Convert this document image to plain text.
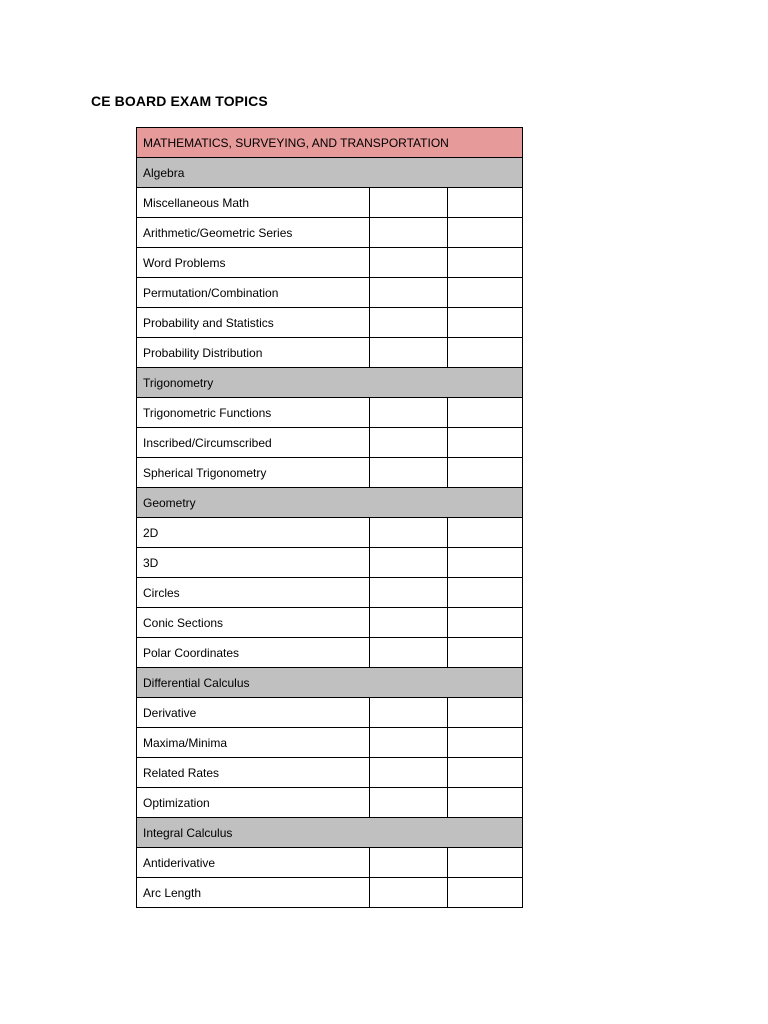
CE BOARD EXAM TOPICS
MATHEMATICS, SURVEYING, AND TRANSPORTATION		
Algebra		
Miscellaneous Math		
Arithmetic/Geometric Series		
Word Problems		
Permutation/Combination		
Probability and Statistics		
Probability Distribution		
Trigonometry		
Trigonometric Functions		
Inscribed/Circumscribed		
Spherical Trigonometry		
Geometry		
2D		
3D		
Circles		
Conic Sections		
Polar Coordinates		
Differential Calculus		
Derivative		
Maxima/Minima		
Related Rates		
Optimization		
Integral Calculus		
Antiderivative		
Arc Length		
